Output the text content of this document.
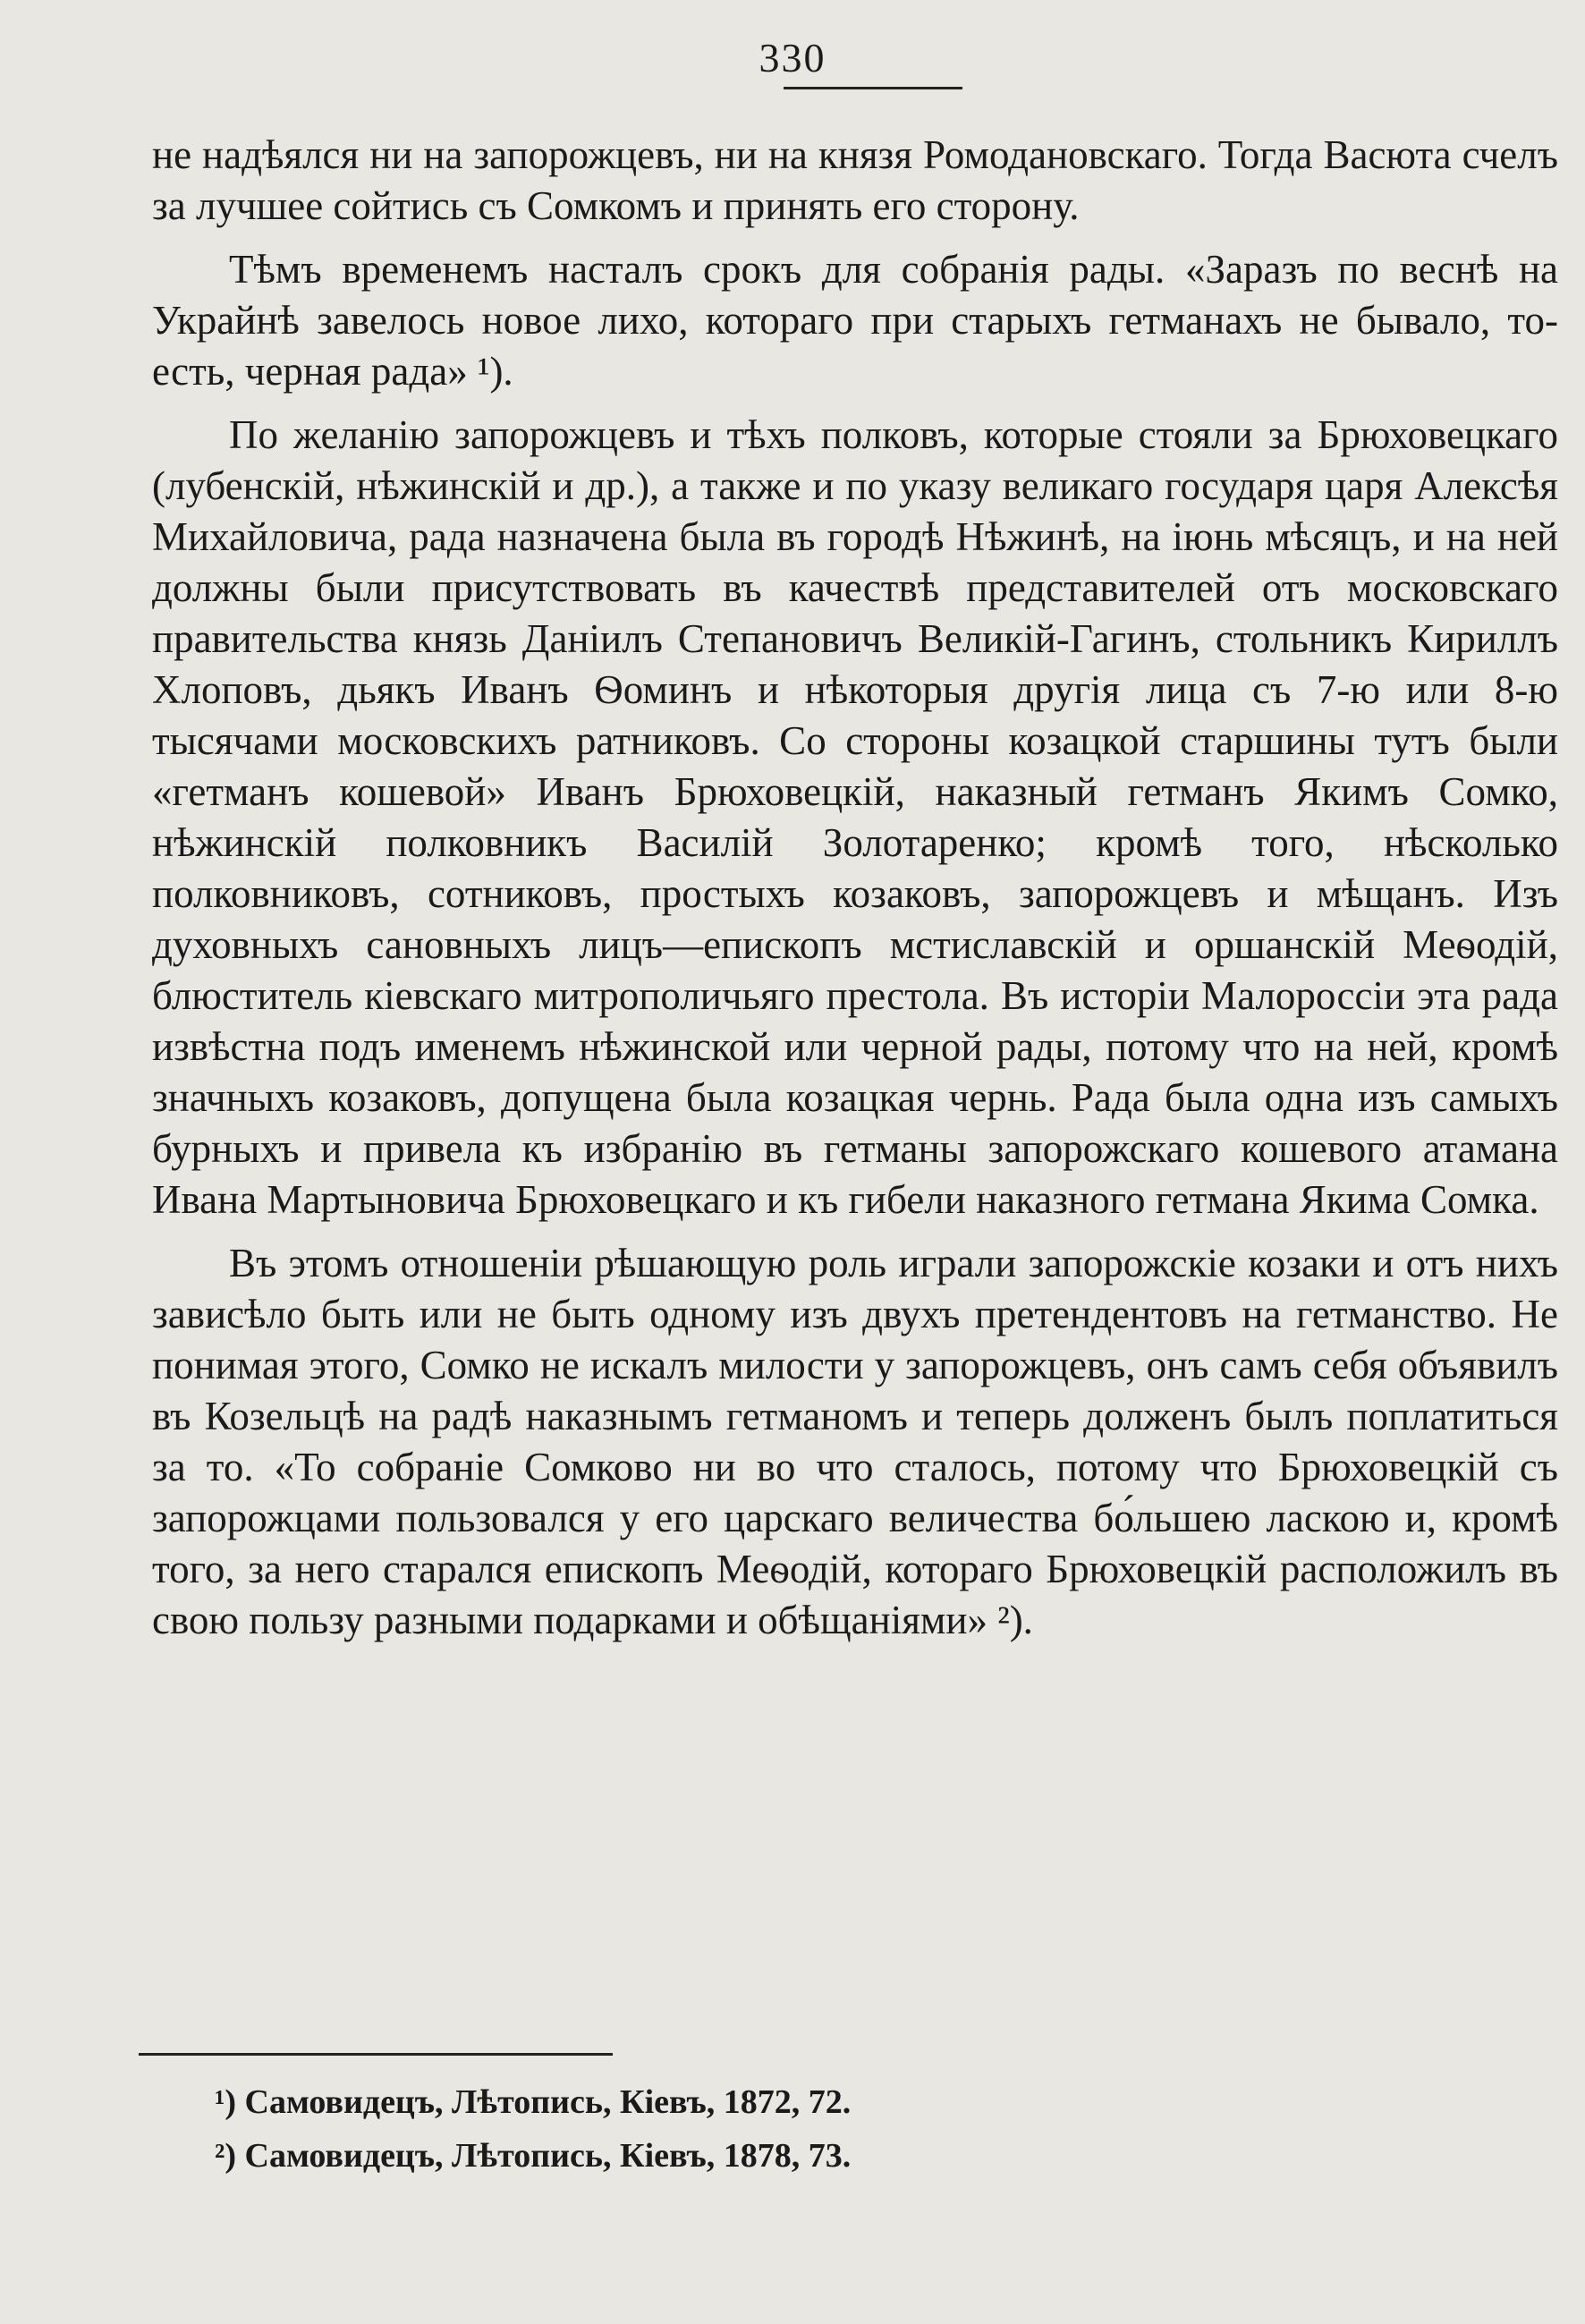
330

не надѣялся ни на запорожцевъ, ни на князя Ромодановскаго. Тогда Васюта счелъ за лучшее сойтись съ Сомкомъ и принять его сторону.

Тѣмъ временемъ насталъ срокъ для собранія рады. «Заразъ по веснѣ на Украйнѣ завелось новое лихо, котораго при старыхъ гетманахъ не бывало, то-есть, черная рада» ¹).

По желанію запорожцевъ и тѣхъ полковъ, которые стояли за Брюховецкаго (лубенскій, нѣжинскій и др.), а также и по указу великаго государя царя Алексѣя Михайловича, рада назначена была въ городѣ Нѣжинѣ, на іюнь мѣсяцъ, и на ней должны были присутствовать въ качествѣ представителей отъ московскаго правительства князь Даніилъ Степановичъ Великій-Гагинъ, стольникъ Кириллъ Хлоповъ, дьякъ Иванъ Ѳоминъ и нѣкоторыя другія лица съ 7-ю или 8-ю тысячами московскихъ ратниковъ. Со стороны козацкой старшины тутъ были «гетманъ кошевой» Иванъ Брюховецкій, наказный гетманъ Якимъ Сомко, нѣжинскій полковникъ Василій Золотаренко; кромѣ того, нѣсколько полковниковъ, сотниковъ, простыхъ козаковъ, запорожцевъ и мѣщанъ. Изъ духовныхъ сановныхъ лицъ—епископъ мстиславскій и оршанскій Меѳодій, блюститель кіевскаго митрополичьяго престола. Въ исторіи Малороссіи эта рада извѣстна подъ именемъ нѣжинской или черной рады, потому что на ней, кромѣ значныхъ козаковъ, допущена была козацкая чернь. Рада была одна изъ самыхъ бурныхъ и привела къ избранію въ гетманы запорожскаго кошевого атамана Ивана Мартыновича Брюховецкаго и къ гибели наказного гетмана Якима Сомка.

Въ этомъ отношеніи рѣшающую роль играли запорожскіе козаки и отъ нихъ зависѣло быть или не быть одному изъ двухъ претендентовъ на гетманство. Не понимая этого, Сомко не искалъ милости у запорожцевъ, онъ самъ себя объявилъ въ Козельцѣ на радѣ наказнымъ гетманомъ и теперь долженъ былъ поплатиться за то. «То собраніе Сомково ни во что сталось, потому что Брюховецкій съ запорожцами пользовался у его царскаго величества бо́льшею ласкою и, кромѣ того, за него старался епископъ Меѳодій, котораго Брюховецкій расположилъ въ свою пользу разными подарками и обѣщаніями» ²).

¹) Самовидецъ, Лѣтопись, Кіевъ, 1872, 72.

²) Самовидецъ, Лѣтопись, Кіевъ, 1878, 73.
